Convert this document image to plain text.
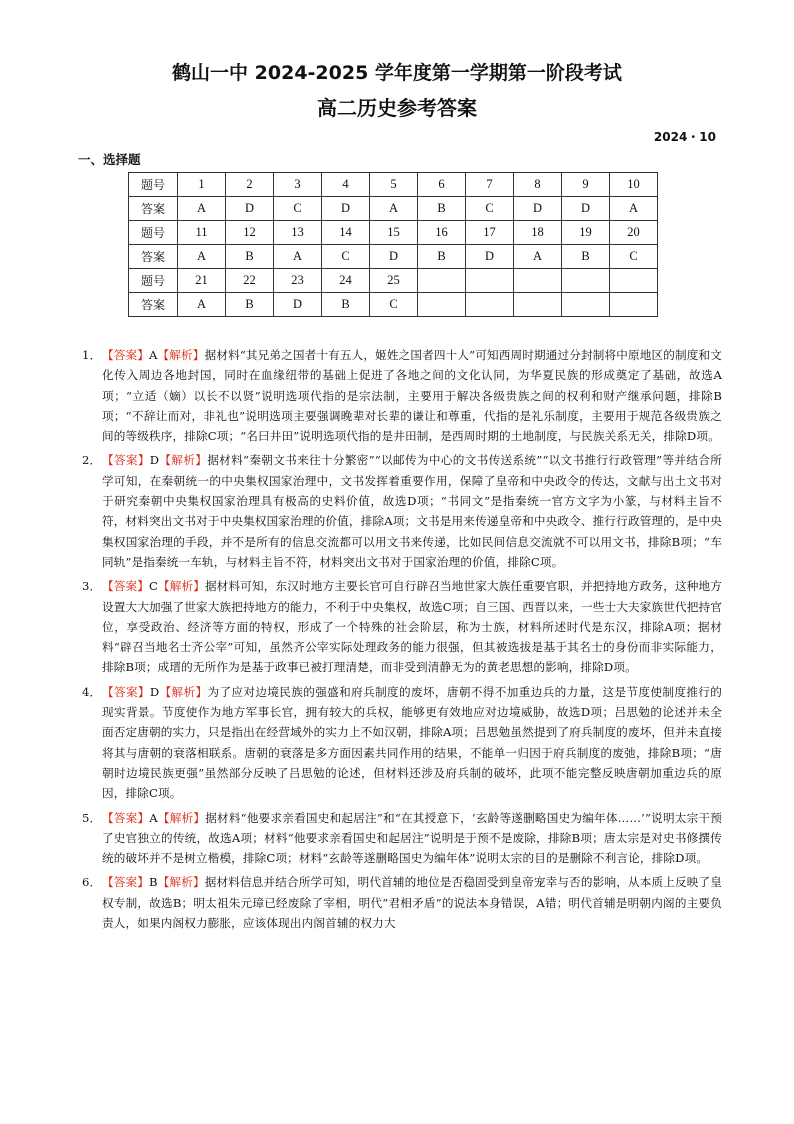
鹤山一中 2024-2025 学年度第一学期第一阶段考试
高二历史参考答案
2024・10
一、选择题
题号	1	2	3	4	5	6	7	8	9	10
答案	A	D	C	D	A	B	C	D	D	A
题号	11	12	13	14	15	16	17	18	19	20
答案	A	B	A	C	D	B	D	A	B	C
题号	21	22	23	24	25					
答案	A	B	D	B	C					
1． 【答案】A【解析】据材料“其兄弟之国者十有五人，姬姓之国者四十人”可知西周时期通过分封制将中原地区的制度和文化传入周边各地封国，同时在血缘纽带的基础上促进了各地之间的文化认同，为华夏民族的形成奠定了基础，故选A项；“立适（嫡）以长不以贤”说明选项代指的是宗法制，主要用于解决各级贵族之间的权利和财产继承问题，排除B项；“不辞让而对，非礼也”说明选项主要强调晚辈对长辈的谦让和尊重，代指的是礼乐制度，主要用于规范各级贵族之间的等级秩序，排除C项；“名曰井田”说明选项代指的是井田制，是西周时期的土地制度，与民族关系无关，排除D项。
2． 【答案】D【解析】据材料“秦朝文书来往十分繁密”“以邮传为中心的文书传送系统”“以文书推行行政管理”等并结合所学可知，在秦朝统一的中央集权国家治理中，文书发挥着重要作用，保障了皇帝和中央政令的传达，文献与出土文书对于研究秦朝中央集权国家治理具有极高的史料价值，故选D项；“书同文”是指秦统一官方文字为小篆，与材料主旨不符，材料突出文书对于中央集权国家治理的价值，排除A项；文书是用来传递皇帝和中央政令、推行行政管理的，是中央集权国家治理的手段，并不是所有的信息交流都可以用文书来传递，比如民间信息交流就不可以用文书，排除B项；“车同轨”是指秦统一车轨，与材料主旨不符，材料突出文书对于国家治理的价值，排除C项。
3． 【答案】C【解析】据材料可知，东汉时地方主要长官可自行辟召当地世家大族任重要官职，并把持地方政务，这种地方设置大大加强了世家大族把持地方的能力，不利于中央集权，故选C项；自三国、西晋以来，一些士大夫家族世代把持官位，享受政治、经济等方面的特权，形成了一个特殊的社会阶层，称为士族，材料所述时代是东汉，排除A项；据材料“辟召当地名士齐公宰”可知，虽然齐公宰实际处理政务的能力很强，但其被选拔是基于其名士的身份而非实际能力，排除B项；成瑨的无所作为是基于政事已被打理清楚，而非受到清静无为的黄老思想的影响，排除D项。
4． 【答案】D【解析】为了应对边境民族的强盛和府兵制度的废坏，唐朝不得不加重边兵的力量，这是节度使制度推行的现实背景。节度使作为地方军事长官，拥有较大的兵权，能够更有效地应对边境威胁，故选D项；吕思勉的论述并未全面否定唐朝的实力，只是指出在经营域外的实力上不如汉朝，排除A项；吕思勉虽然提到了府兵制度的废坏，但并未直接将其与唐朝的衰落相联系。唐朝的衰落是多方面因素共同作用的结果，不能单一归因于府兵制度的废弛，排除B项；“唐朝时边境民族更强”虽然部分反映了吕思勉的论述，但材料还涉及府兵制的破坏，此项不能完整反映唐朝加重边兵的原因，排除C项。
5． 【答案】A【解析】据材料“他要求亲看国史和起居注”和“在其授意下，‘玄龄等遂删略国史为编年体……’”说明太宗干预了史官独立的传统，故选A项；材料“他要求亲看国史和起居注”说明是于预不是废除，排除B项；唐太宗是对史书修撰传统的破坏并不是树立楷模，排除C项；材料“玄龄等遂删略国史为编年体”说明太宗的目的是删除不利言论，排除D项。
6． 【答案】B【解析】据材料信息并结合所学可知，明代首辅的地位是否稳固受到皇帝宠幸与否的影响，从本质上反映了皇权专制，故选B；明太祖朱元璋已经废除了宰相，明代“君相矛盾”的说法本身错误，A错；明代首辅是明朝内阁的主要负责人，如果内阁权力膨胀，应该体现出内阁首辅的权力大
